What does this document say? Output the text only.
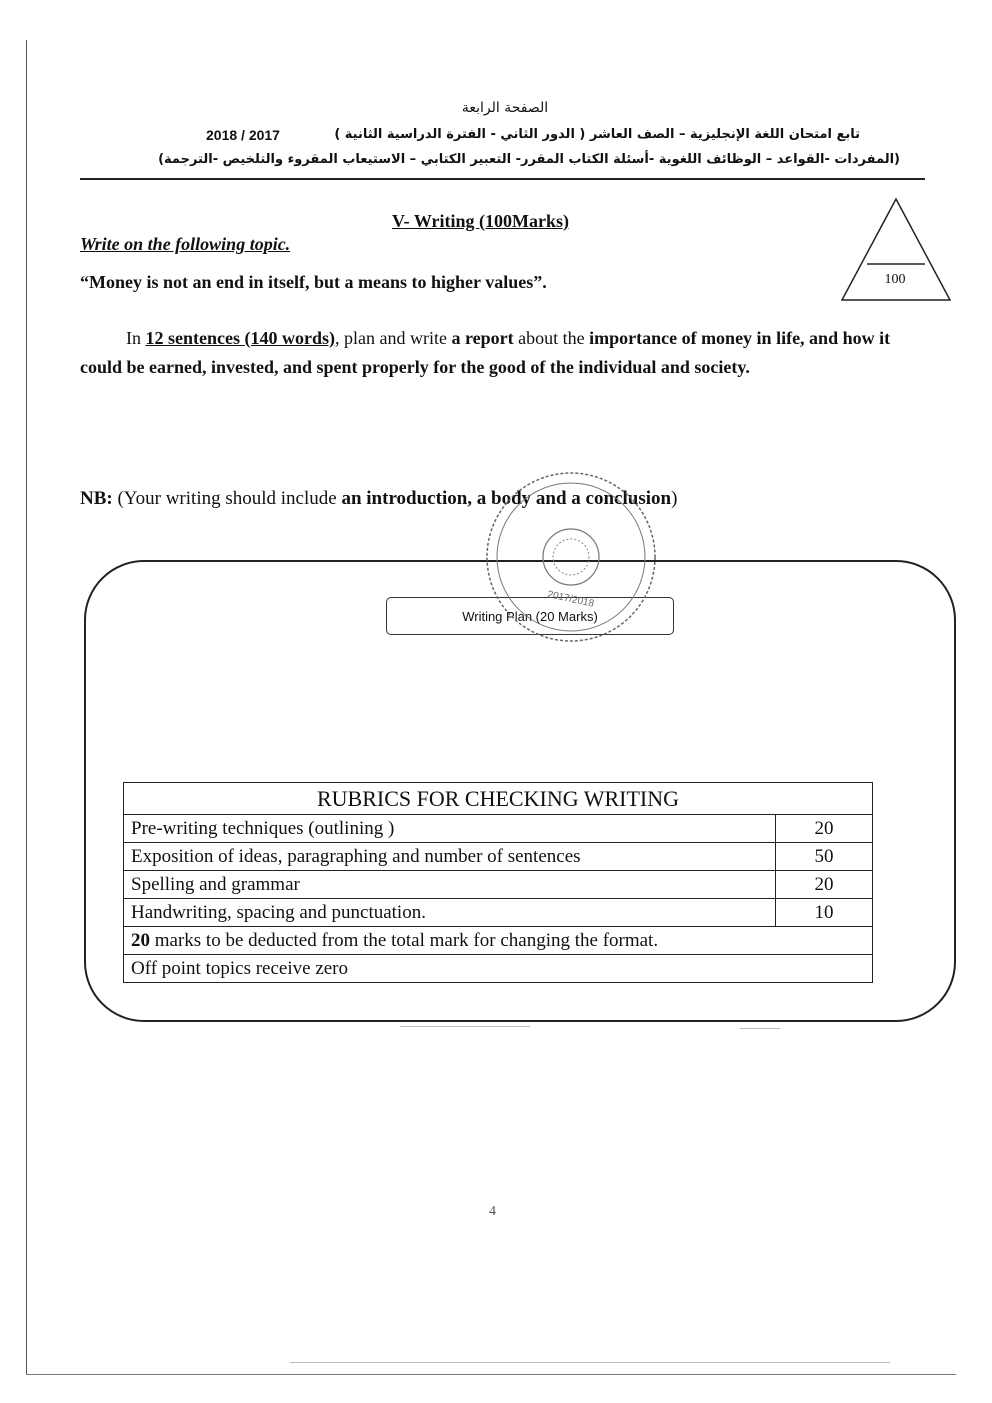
الصفحة الرابعة
تابع امتحان اللغة الإنجليزية – الصف العاشر ( الدور الثاني - الفترة الدراسية الثانية )
2018 / 2017
(المفردات -القواعد – الوظائف اللغوية -أسئلة الكتاب المقرر- التعبير الكتابي – الاستيعاب المقروء والتلخيص -الترجمة)
V- Writing (100Marks)
Write on the following topic.
“Money is not an end in itself, but a means to higher values”.	100
In 12 sentences (140 words), plan and write a report about the importance of money in life, and how it could be earned, invested, and spent properly for the good of the individual and society.
NB: (Your writing should include an introduction, a body and a conclusion)
Writing Plan (20 Marks)
2017/2018
RUBRICS FOR CHECKING WRITING	
Pre-writing techniques (outlining )	20
Exposition of ideas, paragraphing and number of sentences	50
Spelling and grammar	20
Handwriting, spacing and punctuation.	10
20 marks to be deducted from the total mark for changing the format.	
Off point topics receive zero	
4
